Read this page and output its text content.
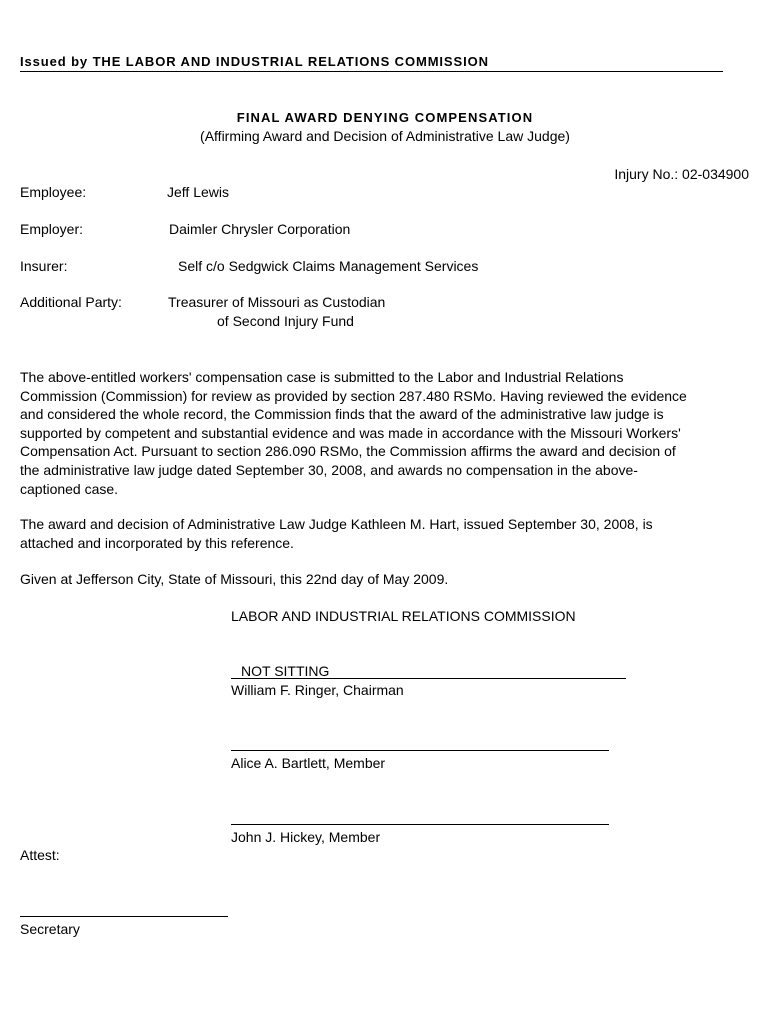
Issued by THE LABOR AND INDUSTRIAL RELATIONS COMMISSION
FINAL AWARD DENYING COMPENSATION
(Affirming Award and Decision of Administrative Law Judge)
Injury No.: 02-034900
Employee:	Jeff Lewis
Employer:	Daimler Chrysler Corporation
Insurer:	Self c/o Sedgwick Claims Management Services
Additional Party:	Treasurer of Missouri as Custodian
of Second Injury Fund
The above-entitled workers' compensation case is submitted to the Labor and Industrial Relations
Commission (Commission) for review as provided by section 287.480 RSMo. Having reviewed the evidence
and considered the whole record, the Commission finds that the award of the administrative law judge is
supported by competent and substantial evidence and was made in accordance with the Missouri Workers'
Compensation Act. Pursuant to section 286.090 RSMo, the Commission affirms the award and decision of
the administrative law judge dated September 30, 2008, and awards no compensation in the above-
captioned case.
The award and decision of Administrative Law Judge Kathleen M. Hart, issued September 30, 2008, is
attached and incorporated by this reference.
Given at Jefferson City, State of Missouri, this 22nd day of May 2009.
LABOR AND INDUSTRIAL RELATIONS COMMISSION
NOT SITTING
William F. Ringer, Chairman
Alice A. Bartlett, Member
John J. Hickey, Member
Attest:
Secretary
